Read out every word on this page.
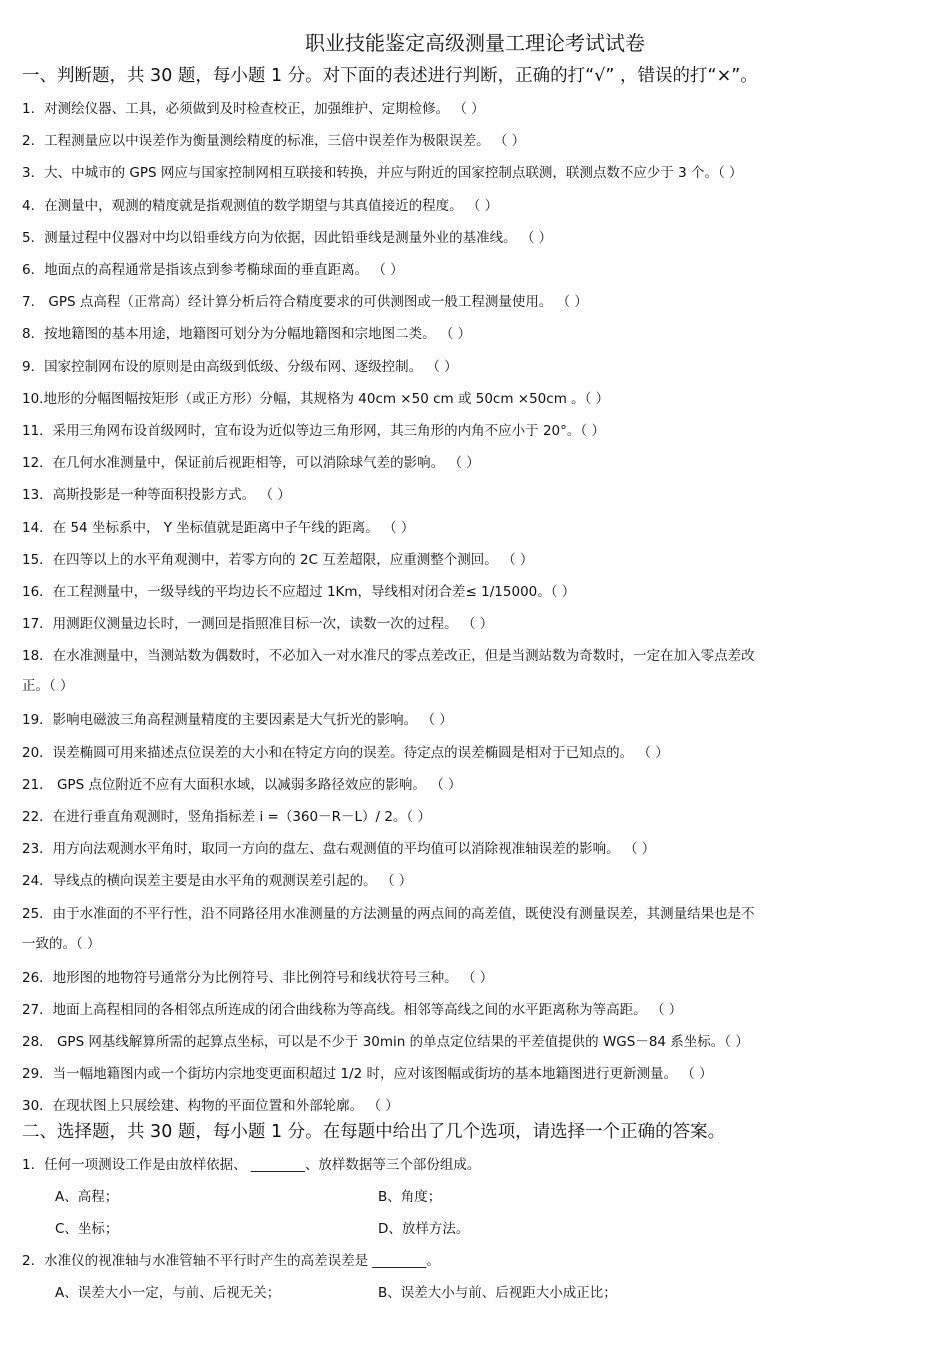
职业技能鉴定高级测量工理论考试试卷
一、判断题，共 30 题，每小题 1 分。对下面的表述进行判断，正确的打“√” ，错误的打“×”。
1．对测绘仪器、工具，必须做到及时检查校正，加强维护、定期检修。 （ ）
2．工程测量应以中误差作为衡量测绘精度的标准，三倍中误差作为极限误差。 （ ）
3．大、中城市的 GPS 网应与国家控制网相互联接和转换，并应与附近的国家控制点联测，联测点数不应少于 3 个。（ ）
4．在测量中，观测的精度就是指观测值的数学期望与其真值接近的程度。 （ ）
5．测量过程中仪器对中均以铅垂线方向为依据，因此铅垂线是测量外业的基准线。 （ ）
6．地面点的高程通常是指该点到参考椭球面的垂直距离。 （ ）
7． GPS 点高程（正常高）经计算分析后符合精度要求的可供测图或一般工程测量使用。 （ ）
8．按地籍图的基本用途，地籍图可划分为分幅地籍图和宗地图二类。 （ ）
9．国家控制网布设的原则是由高级到低级、分级布网、逐级控制。 （ ）
10.地形的分幅图幅按矩形（或正方形）分幅，其规格为 40cm ×50 cm 或 50cm ×50cm 。（ ）
11．采用三角网布设首级网时，宜布设为近似等边三角形网，其三角形的内角不应小于 20°。（ ）
12．在几何水准测量中，保证前后视距相等，可以消除球气差的影响。 （ ）
13．高斯投影是一种等面积投影方式。 （ ）
14．在 54 坐标系中， Y 坐标值就是距离中子午线的距离。 （ ）
15．在四等以上的水平角观测中，若零方向的 2C 互差超限，应重测整个测回。 （ ）
16．在工程测量中，一级导线的平均边长不应超过 1Km，导线相对闭合差≤ 1/15000。（ ）
17．用测距仪测量边长时，一测回是指照准目标一次，读数一次的过程。 （ ）
18．在水准测量中，当测站数为偶数时，不必加入一对水准尺的零点差改正，但是当测站数为奇数时，一定在加入零点差改
正。（ ）
19．影响电磁波三角高程测量精度的主要因素是大气折光的影响。 （ ）
20．误差椭圆可用来描述点位误差的大小和在特定方向的误差。待定点的误差椭圆是相对于已知点的。 （ ）
21． GPS 点位附近不应有大面积水域，以减弱多路径效应的影响。 （ ）
22．在进行垂直角观测时，竖角指标差 i =（360－R－L）/ 2。（ ）
23．用方向法观测水平角时，取同一方向的盘左、盘右观测值的平均值可以消除视准轴误差的影响。 （ ）
24．导线点的横向误差主要是由水平角的观测误差引起的。 （ ）
25．由于水准面的不平行性，沿不同路径用水准测量的方法测量的两点间的高差值，既使没有测量误差，其测量结果也是不
一致的。（ ）
26．地形图的地物符号通常分为比例符号、非比例符号和线状符号三种。 （ ）
27．地面上高程相同的各相邻点所连成的闭合曲线称为等高线。相邻等高线之间的水平距离称为等高距。 （ ）
28． GPS 网基线解算所需的起算点坐标，可以是不少于 30min 的单点定位结果的平差值提供的 WGS－84 系坐标。（ ）
29．当一幅地籍图内或一个街坊内宗地变更面积超过 1/2 时，应对该图幅或街坊的基本地籍图进行更新测量。 （ ）
30．在现状图上只展绘建、构物的平面位置和外部轮廓。 （ ）
二、选择题，共 30 题，每小题 1 分。在每题中给出了几个选项，请选择一个正确的答案。
1．任何一项测设工作是由放样依据、 ________、放样数据等三个部份组成。
A、高程；	B、角度；
C、坐标；	D、放样方法。
2．水准仪的视准轴与水准管轴不平行时产生的高差误差是 ________。
A、误差大小一定，与前、后视无关；	B、误差大小与前、后视距大小成正比；
